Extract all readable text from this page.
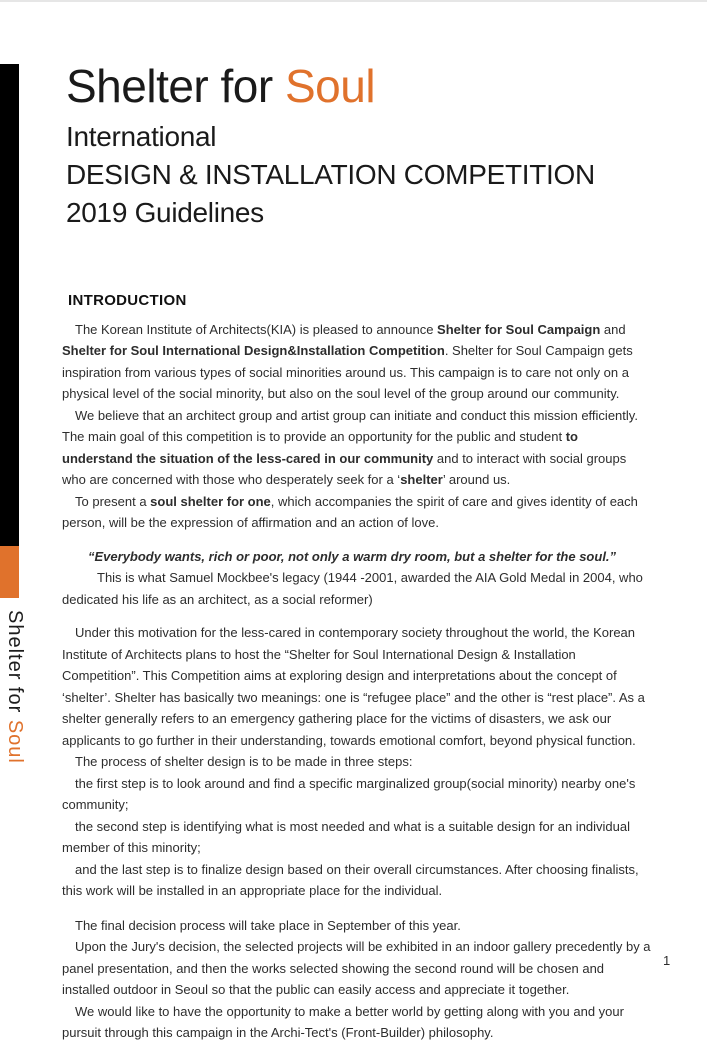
Shelter for Soul
Shelter for Soul
International
DESIGN & INSTALLATION COMPETITION
2019 Guidelines
INTRODUCTION

The Korean Institute of Architects(KIA) is pleased to announce Shelter for Soul Campaign and Shelter for Soul International Design&Installation Competition. Shelter for Soul Campaign gets inspiration from various types of social minorities around us. This campaign is to care not only on a physical level of the social minority, but also on the soul level of the group around our community.

We believe that an architect group and artist group can initiate and conduct this mission efficiently. The main goal of this competition is to provide an opportunity for the public and student to understand the situation of the less-cared in our community and to interact with social groups who are concerned with those who desperately seek for a ‘shelter’ around us.

To present a soul shelter for one, which accompanies the spirit of care and gives identity of each person, will be the expression of affirmation and an action of love.

“Everybody wants, rich or poor, not only a warm dry room, but a shelter for the soul.”

This is what Samuel Mockbee's legacy (1944 -2001, awarded the AIA Gold Medal in 2004, who dedicated his life as an architect, as a social reformer)

Under this motivation for the less-cared in contemporary society throughout the world, the Korean Institute of Architects plans to host the “Shelter for Soul International Design & Installation Competition”. This Competition aims at exploring design and interpretations about the concept of ‘shelter’. Shelter has basically two meanings: one is “refugee place” and the other is “rest place”. As a shelter generally refers to an emergency gathering place for the victims of disasters, we ask our applicants to go further in their understanding, towards emotional comfort, beyond physical function.

The process of shelter design is to be made in three steps:

the first step is to look around and find a specific marginalized group(social minority) nearby one's community;

the second step is identifying what is most needed and what is a suitable design for an individual member of this minority;

and the last step is to finalize design based on their overall circumstances. After choosing finalists, this work will be installed in an appropriate place for the individual.

The final decision process will take place in September of this year.

Upon the Jury's decision, the selected projects will be exhibited in an indoor gallery precedently by a panel presentation, and then the works selected showing the second round will be chosen and installed outdoor in Seoul so that the public can easily access and appreciate it together.

We would like to have the opportunity to make a better world by getting along with you and your pursuit through this campaign in the Archi-Tect's (Front-Builder) philosophy.

1
